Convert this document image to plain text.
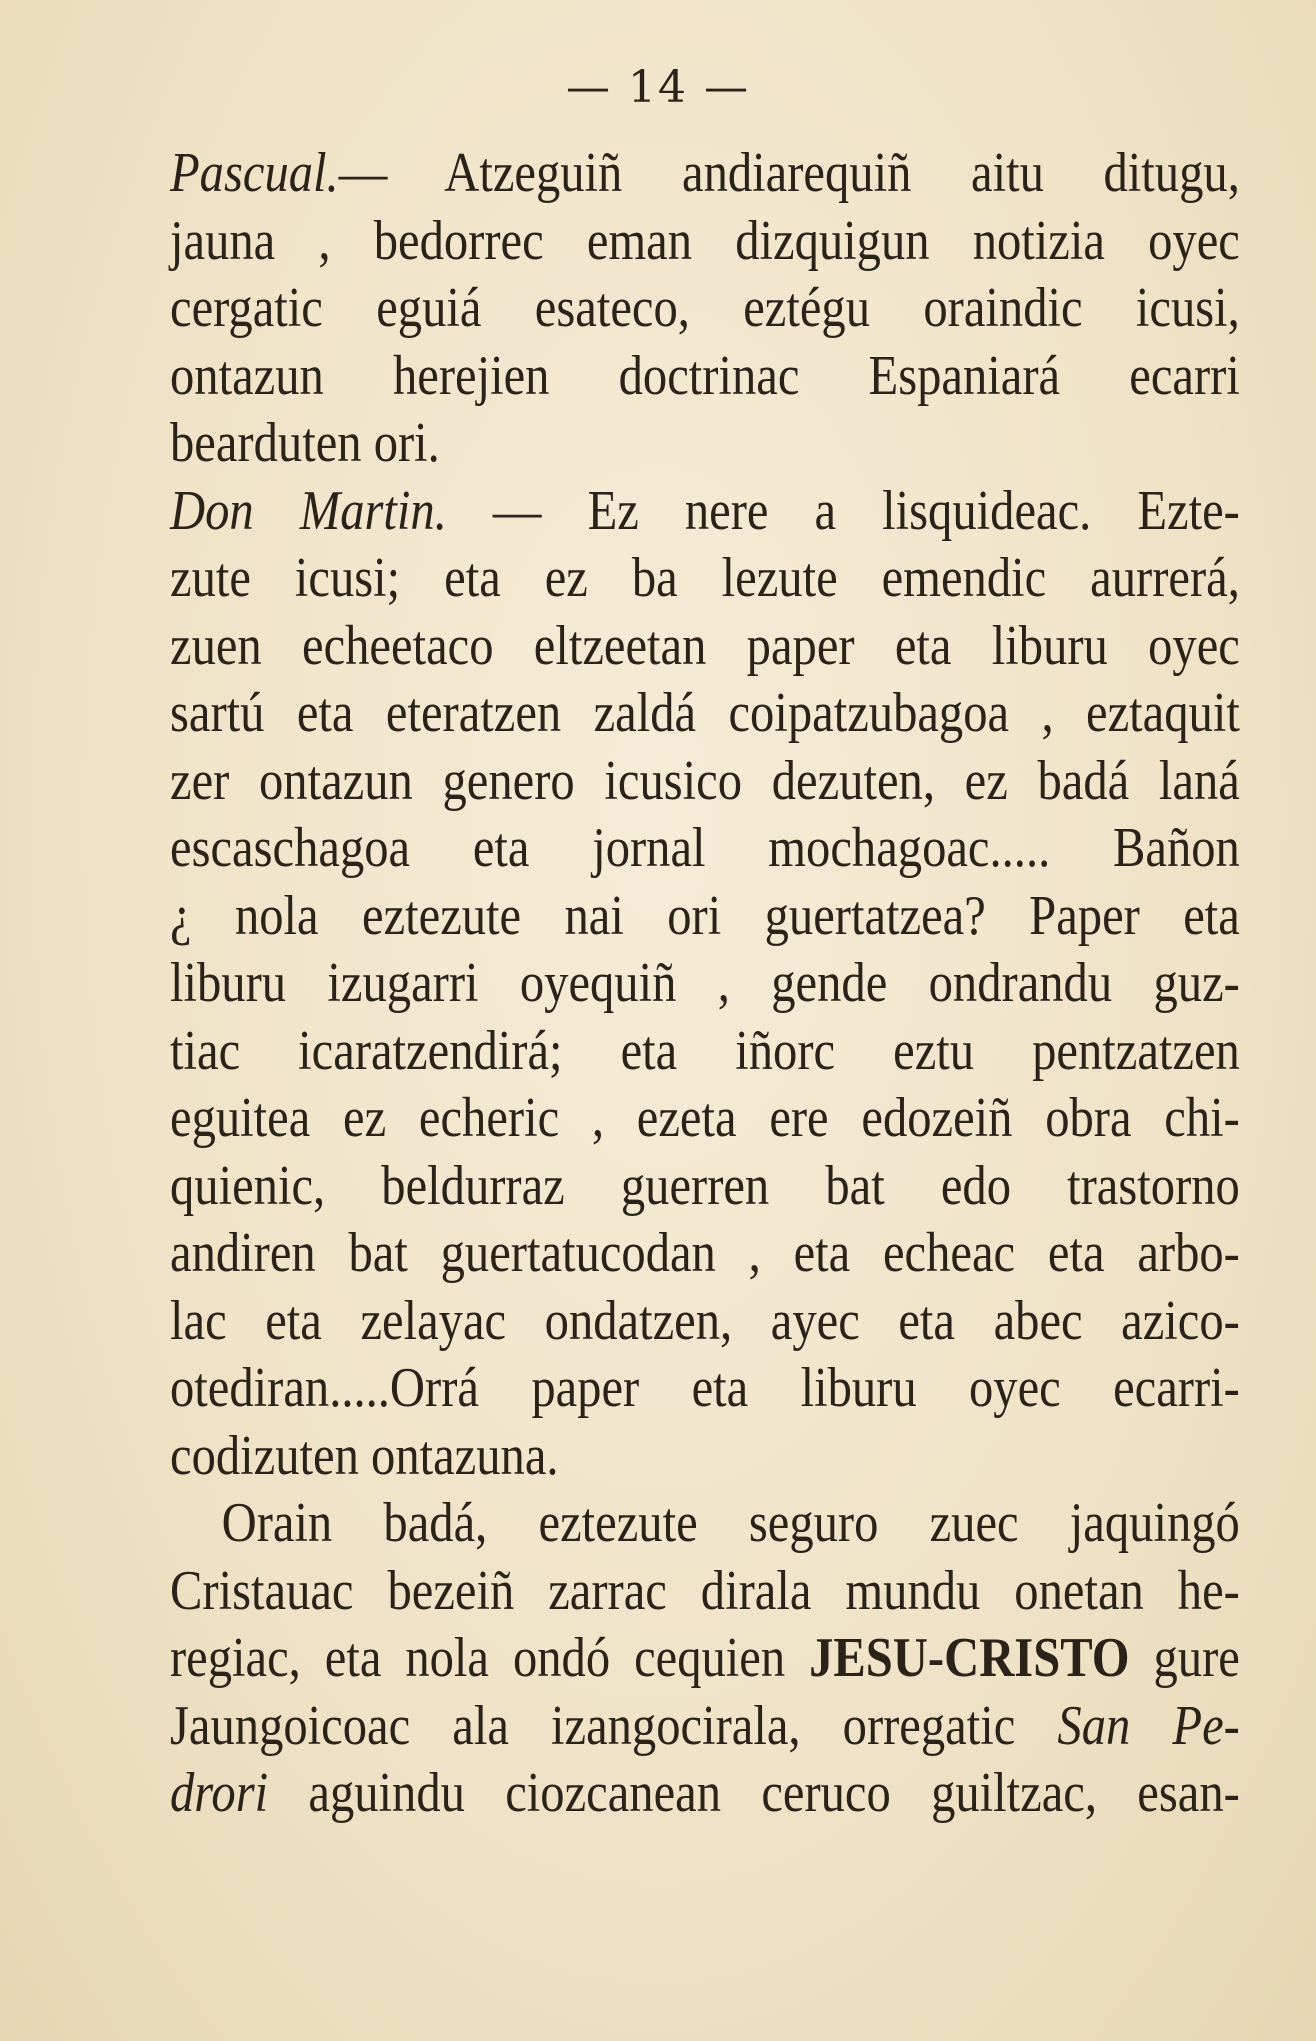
— 14 —
Pascual.— Atzeguiñ andiarequiñ aitu ditugu,
jauna , bedorrec eman dizquigun notizia oyec
cergatic eguiá esateco, eztégu oraindic icusi,
ontazun herejien doctrinac Espaniará ecarri
bearduten ori.
Don Martin. — Ez nere a lisquideac. Ezte-
zute icusi; eta ez ba lezute emendic aurrerá,
zuen echeetaco eltzeetan paper eta liburu oyec
sartú eta eteratzen zaldá coipatzubagoa , eztaquit
zer ontazun genero icusico dezuten, ez badá laná
escaschagoa eta jornal mochagoac..... Bañon
¿ nola eztezute nai ori guertatzea? Paper eta
liburu izugarri oyequiñ , gende ondrandu guz-
tiac icaratzendirá; eta iñorc eztu pentzatzen
eguitea ez echeric , ezeta ere edozeiñ obra chi-
quienic, beldurraz guerren bat edo trastorno
andiren bat guertatucodan , eta echeac eta arbo-
lac eta zelayac ondatzen, ayec eta abec azico-
otediran.....Orrá paper eta liburu oyec ecarri-
codizuten ontazuna.
Orain badá, eztezute seguro zuec jaquingó
Cristauac bezeiñ zarrac dirala mundu onetan he-
regiac, eta nola ondó cequien JESU-CRISTO gure
Jaungoicoac ala izangocirala, orregatic San Pe-
drori aguindu ciozcanean ceruco guiltzac, esan-
